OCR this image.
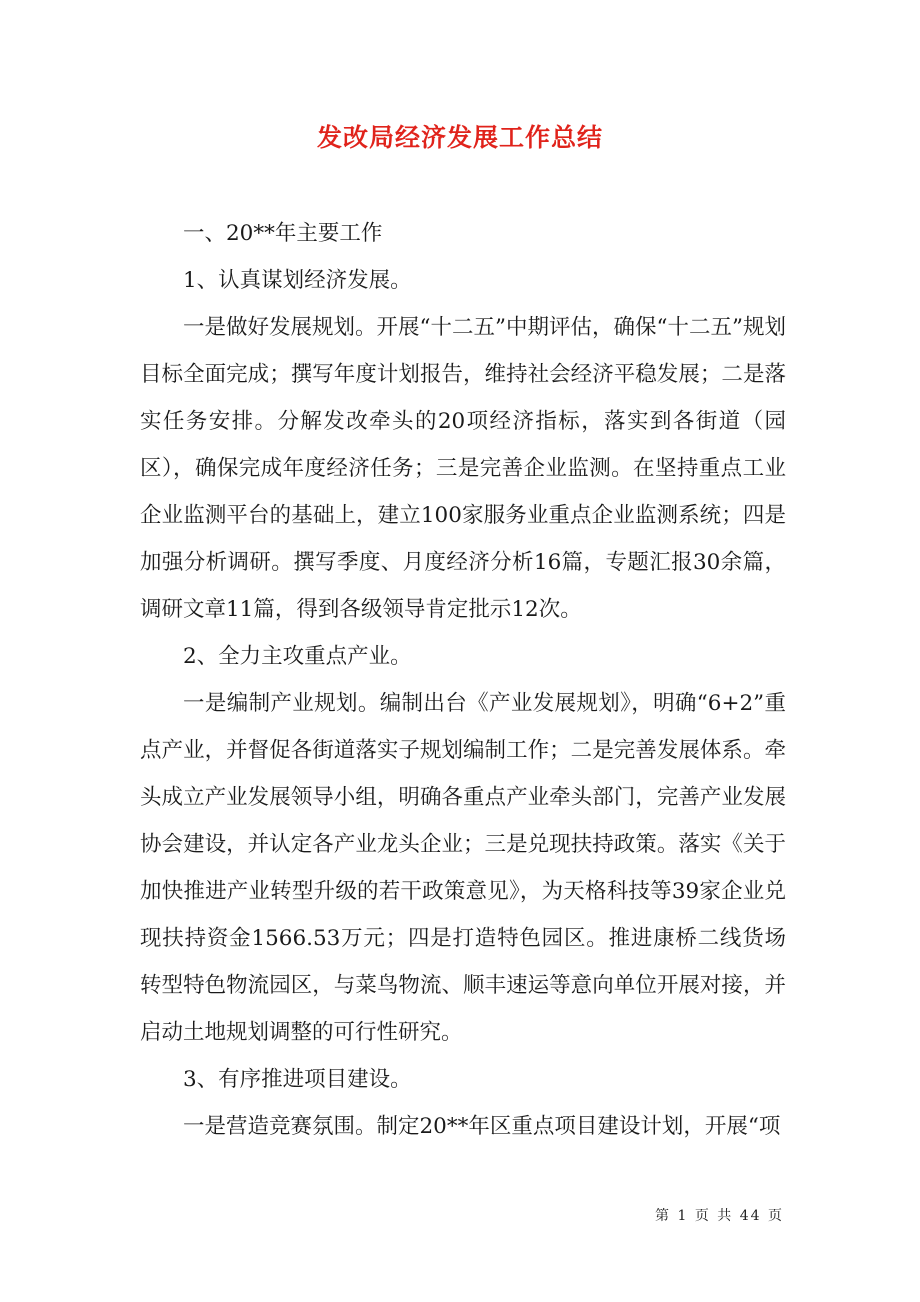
发改局经济发展工作总结

一、20**年主要工作

1、认真谋划经济发展。

一是做好发展规划。开展“十二五”中期评估，确保“十二五”规划目标全面完成；撰写年度计划报告，维持社会经济平稳发展；二是落实任务安排。分解发改牵头的20项经济指标，落实到各街道（园区），确保完成年度经济任务；三是完善企业监测。在坚持重点工业企业监测平台的基础上，建立100家服务业重点企业监测系统；四是加强分析调研。撰写季度、月度经济分析16篇，专题汇报30余篇，调研文章11篇，得到各级领导肯定批示12次。

2、全力主攻重点产业。

一是编制产业规划。编制出台《产业发展规划》，明确“6+2”重点产业，并督促各街道落实子规划编制工作；二是完善发展体系。牵头成立产业发展领导小组，明确各重点产业牵头部门，完善产业发展协会建设，并认定各产业龙头企业；三是兑现扶持政策。落实《关于加快推进产业转型升级的若干政策意见》，为天格科技等39家企业兑现扶持资金1566.53万元；四是打造特色园区。推进康桥二线货场转型特色物流园区，与菜鸟物流、顺丰速运等意向单位开展对接，并启动土地规划调整的可行性研究。

3、有序推进项目建设。

一是营造竞赛氛围。制定20**年区重点项目建设计划，开展“项

第 1 页 共 44 页
